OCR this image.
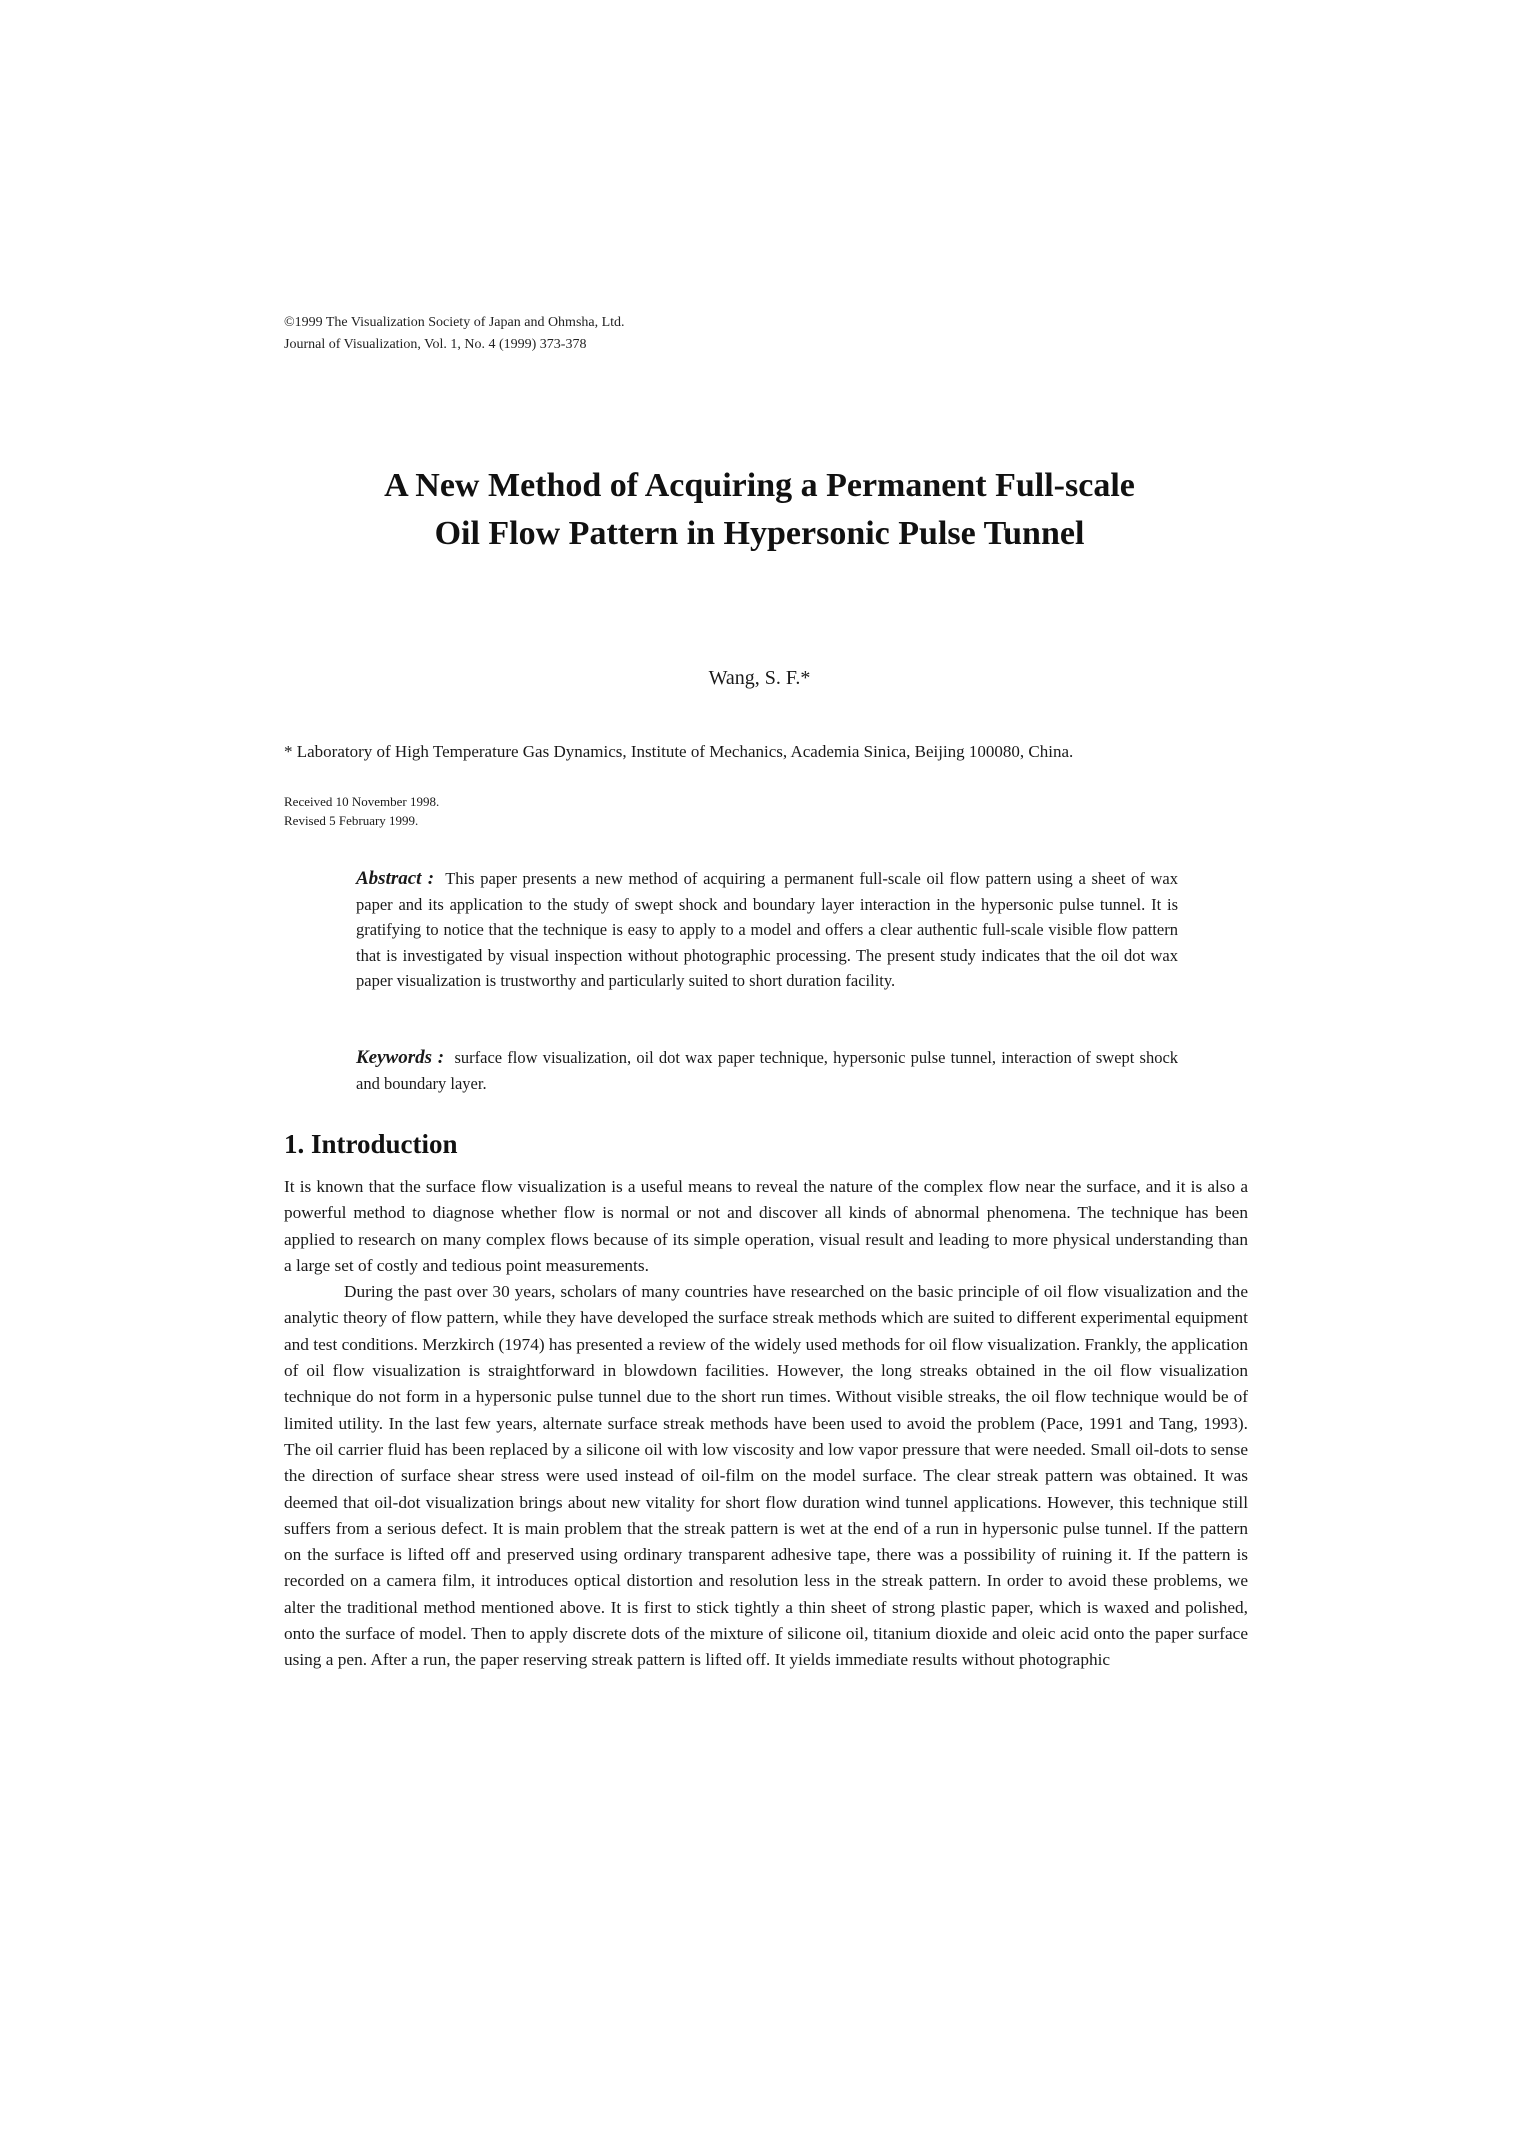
©1999 The Visualization Society of Japan and Ohmsha, Ltd.
Journal of Visualization, Vol. 1, No. 4 (1999) 373-378
A New Method of Acquiring a Permanent Full-scale
Oil Flow Pattern in Hypersonic Pulse Tunnel
Wang, S. F.*
* Laboratory of High Temperature Gas Dynamics, Institute of Mechanics, Academia Sinica, Beijing 100080, China.
Received 10 November 1998.
Revised 5 February 1999.
Abstract : This paper presents a new method of acquiring a permanent full-scale oil flow pattern using a sheet of wax paper and its application to the study of swept shock and boundary layer interaction in the hypersonic pulse tunnel. It is gratifying to notice that the technique is easy to apply to a model and offers a clear authentic full-scale visible flow pattern that is investigated by visual inspection without photographic processing. The present study indicates that the oil dot wax paper visualization is trustworthy and particularly suited to short duration facility.
Keywords : surface flow visualization, oil dot wax paper technique, hypersonic pulse tunnel, interaction of swept shock and boundary layer.
1. Introduction

It is known that the surface flow visualization is a useful means to reveal the nature of the complex flow near the surface, and it is also a powerful method to diagnose whether flow is normal or not and discover all kinds of abnormal phenomena. The technique has been applied to research on many complex flows because of its simple operation, visual result and leading to more physical understanding than a large set of costly and tedious point measurements.

During the past over 30 years, scholars of many countries have researched on the basic principle of oil flow visualization and the analytic theory of flow pattern, while they have developed the surface streak methods which are suited to different experimental equipment and test conditions. Merzkirch (1974) has presented a review of the widely used methods for oil flow visualization. Frankly, the application of oil flow visualization is straightforward in blowdown facilities. However, the long streaks obtained in the oil flow visualization technique do not form in a hypersonic pulse tunnel due to the short run times. Without visible streaks, the oil flow technique would be of limited utility. In the last few years, alternate surface streak methods have been used to avoid the problem (Pace, 1991 and Tang, 1993). The oil carrier fluid has been replaced by a silicone oil with low viscosity and low vapor pressure that were needed. Small oil-dots to sense the direction of surface shear stress were used instead of oil-film on the model surface. The clear streak pattern was obtained. It was deemed that oil-dot visualization brings about new vitality for short flow duration wind tunnel applications. However, this technique still suffers from a serious defect. It is main problem that the streak pattern is wet at the end of a run in hypersonic pulse tunnel. If the pattern on the surface is lifted off and preserved using ordinary transparent adhesive tape, there was a possibility of ruining it. If the pattern is recorded on a camera film, it introduces optical distortion and resolution less in the streak pattern. In order to avoid these problems, we alter the traditional method mentioned above. It is first to stick tightly a thin sheet of strong plastic paper, which is waxed and polished, onto the surface of model. Then to apply discrete dots of the mixture of silicone oil, titanium dioxide and oleic acid onto the paper surface using a pen. After a run, the paper reserving streak pattern is lifted off. It yields immediate results without photographic
